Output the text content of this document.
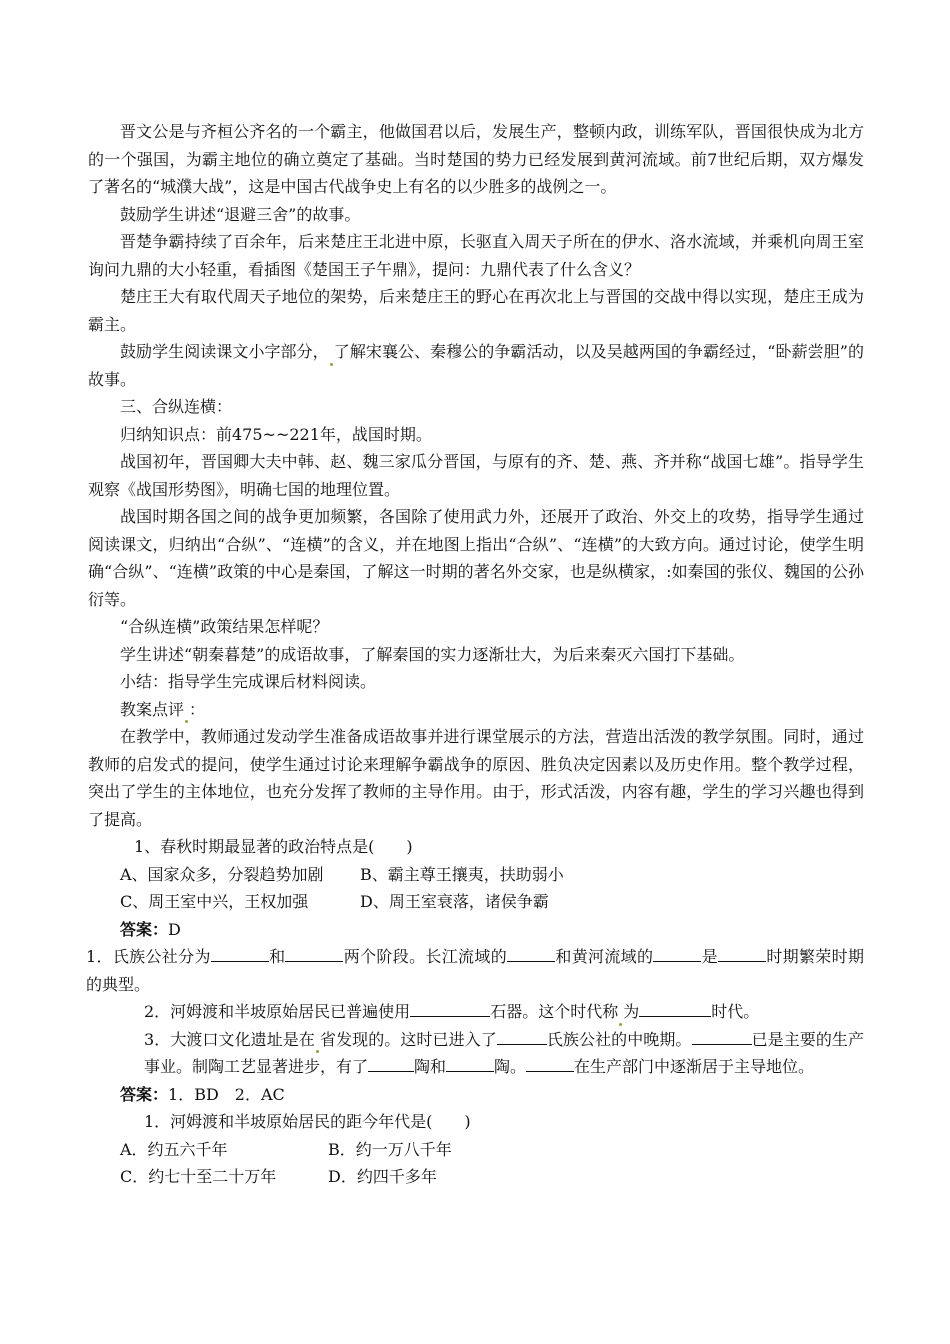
晋文公是与齐桓公齐名的一个霸主，他做国君以后，发展生产，整顿内政，训练军队，晋国很快成为北方的一个强国，为霸主地位的确立奠定了基础。当时楚国的势力已经发展到黄河流域。前7世纪后期，双方爆发了著名的“城濮大战”，这是中国古代战争史上有名的以少胜多的战例之一。

鼓励学生讲述“退避三舍”的故事。

晋楚争霸持续了百余年，后来楚庄王北进中原，长驱直入周天子所在的伊水、洛水流域，并乘机向周王室询问九鼎的大小轻重，看插图《楚国王子午鼎》，提问：九鼎代表了什么含义？

楚庄王大有取代周天子地位的架势，后来楚庄王的野心在再次北上与晋国的交战中得以实现，楚庄王成为霸主。

鼓励学生阅读课文小字部分， 了解宋襄公、秦穆公的争霸活动，以及吴越两国的争霸经过，“卧薪尝胆”的故事。

三、合纵连横：

归纳知识点：前475~~221年，战国时期。

战国初年，晋国卿大夫中韩、赵、魏三家瓜分晋国，与原有的齐、楚、燕、齐并称“战国七雄”。指导学生观察《战国形势图》，明确七国的地理位置。

战国时期各国之间的战争更加频繁，各国除了使用武力外，还展开了政治、外交上的攻势，指导学生通过阅读课文，归纳出“合纵”、“连横”的含义，并在地图上指出“合纵”、“连横”的大致方向。通过讨论，使学生明确“合纵”、“连横”政策的中心是秦国，了解这一时期的著名外交家，也是纵横家，:如秦国的张仪、魏国的公孙衍等。

“合纵连横”政策结果怎样呢？

学生讲述“朝秦暮楚”的成语故事，了解秦国的实力逐渐壮大，为后来秦灭六国打下基础。

小结：指导学生完成课后材料阅读。

教案点评 ：

在教学中，教师通过发动学生准备成语故事并进行课堂展示的方法，营造出活泼的教学氛围。同时，通过教师的启发式的提问，使学生通过讨论来理解争霸战争的原因、胜负决定因素以及历史作用。整个教学过程，突出了学生的主体地位，也充分发挥了教师的主导作用。由于，形式活泼，内容有趣，学生的学习兴趣也得到了提高。

1、春秋时期最显著的政治特点是(　　)

A、国家众多，分裂趋势加剧	B、霸主尊王攘夷，扶助弱小
C、周王室中兴，王权加强	D、周王室衰落，诸侯争霸

答案：D

1．氏族公社分为	和	两个阶段。长江流域的	和黄河流域的	是	时期繁荣时期的典型。

2．河姆渡和半坡原始居民已普遍使用	石器。这个时代称 为	时代。

3．大渡口文化遗址是在 省发现的。这时已进入了	氏族公社的中晚期。	已是主要的生产事业。制陶工艺显著进步，有了	陶和	陶。	在生产部门中逐渐居于主导地位。

答案：1．BD　2．AC

1．河姆渡和半坡原始居民的距今年代是(　　)

A．约五六千年	B．约一万八千年
C．约七十至二十万年	D．约四千多年
